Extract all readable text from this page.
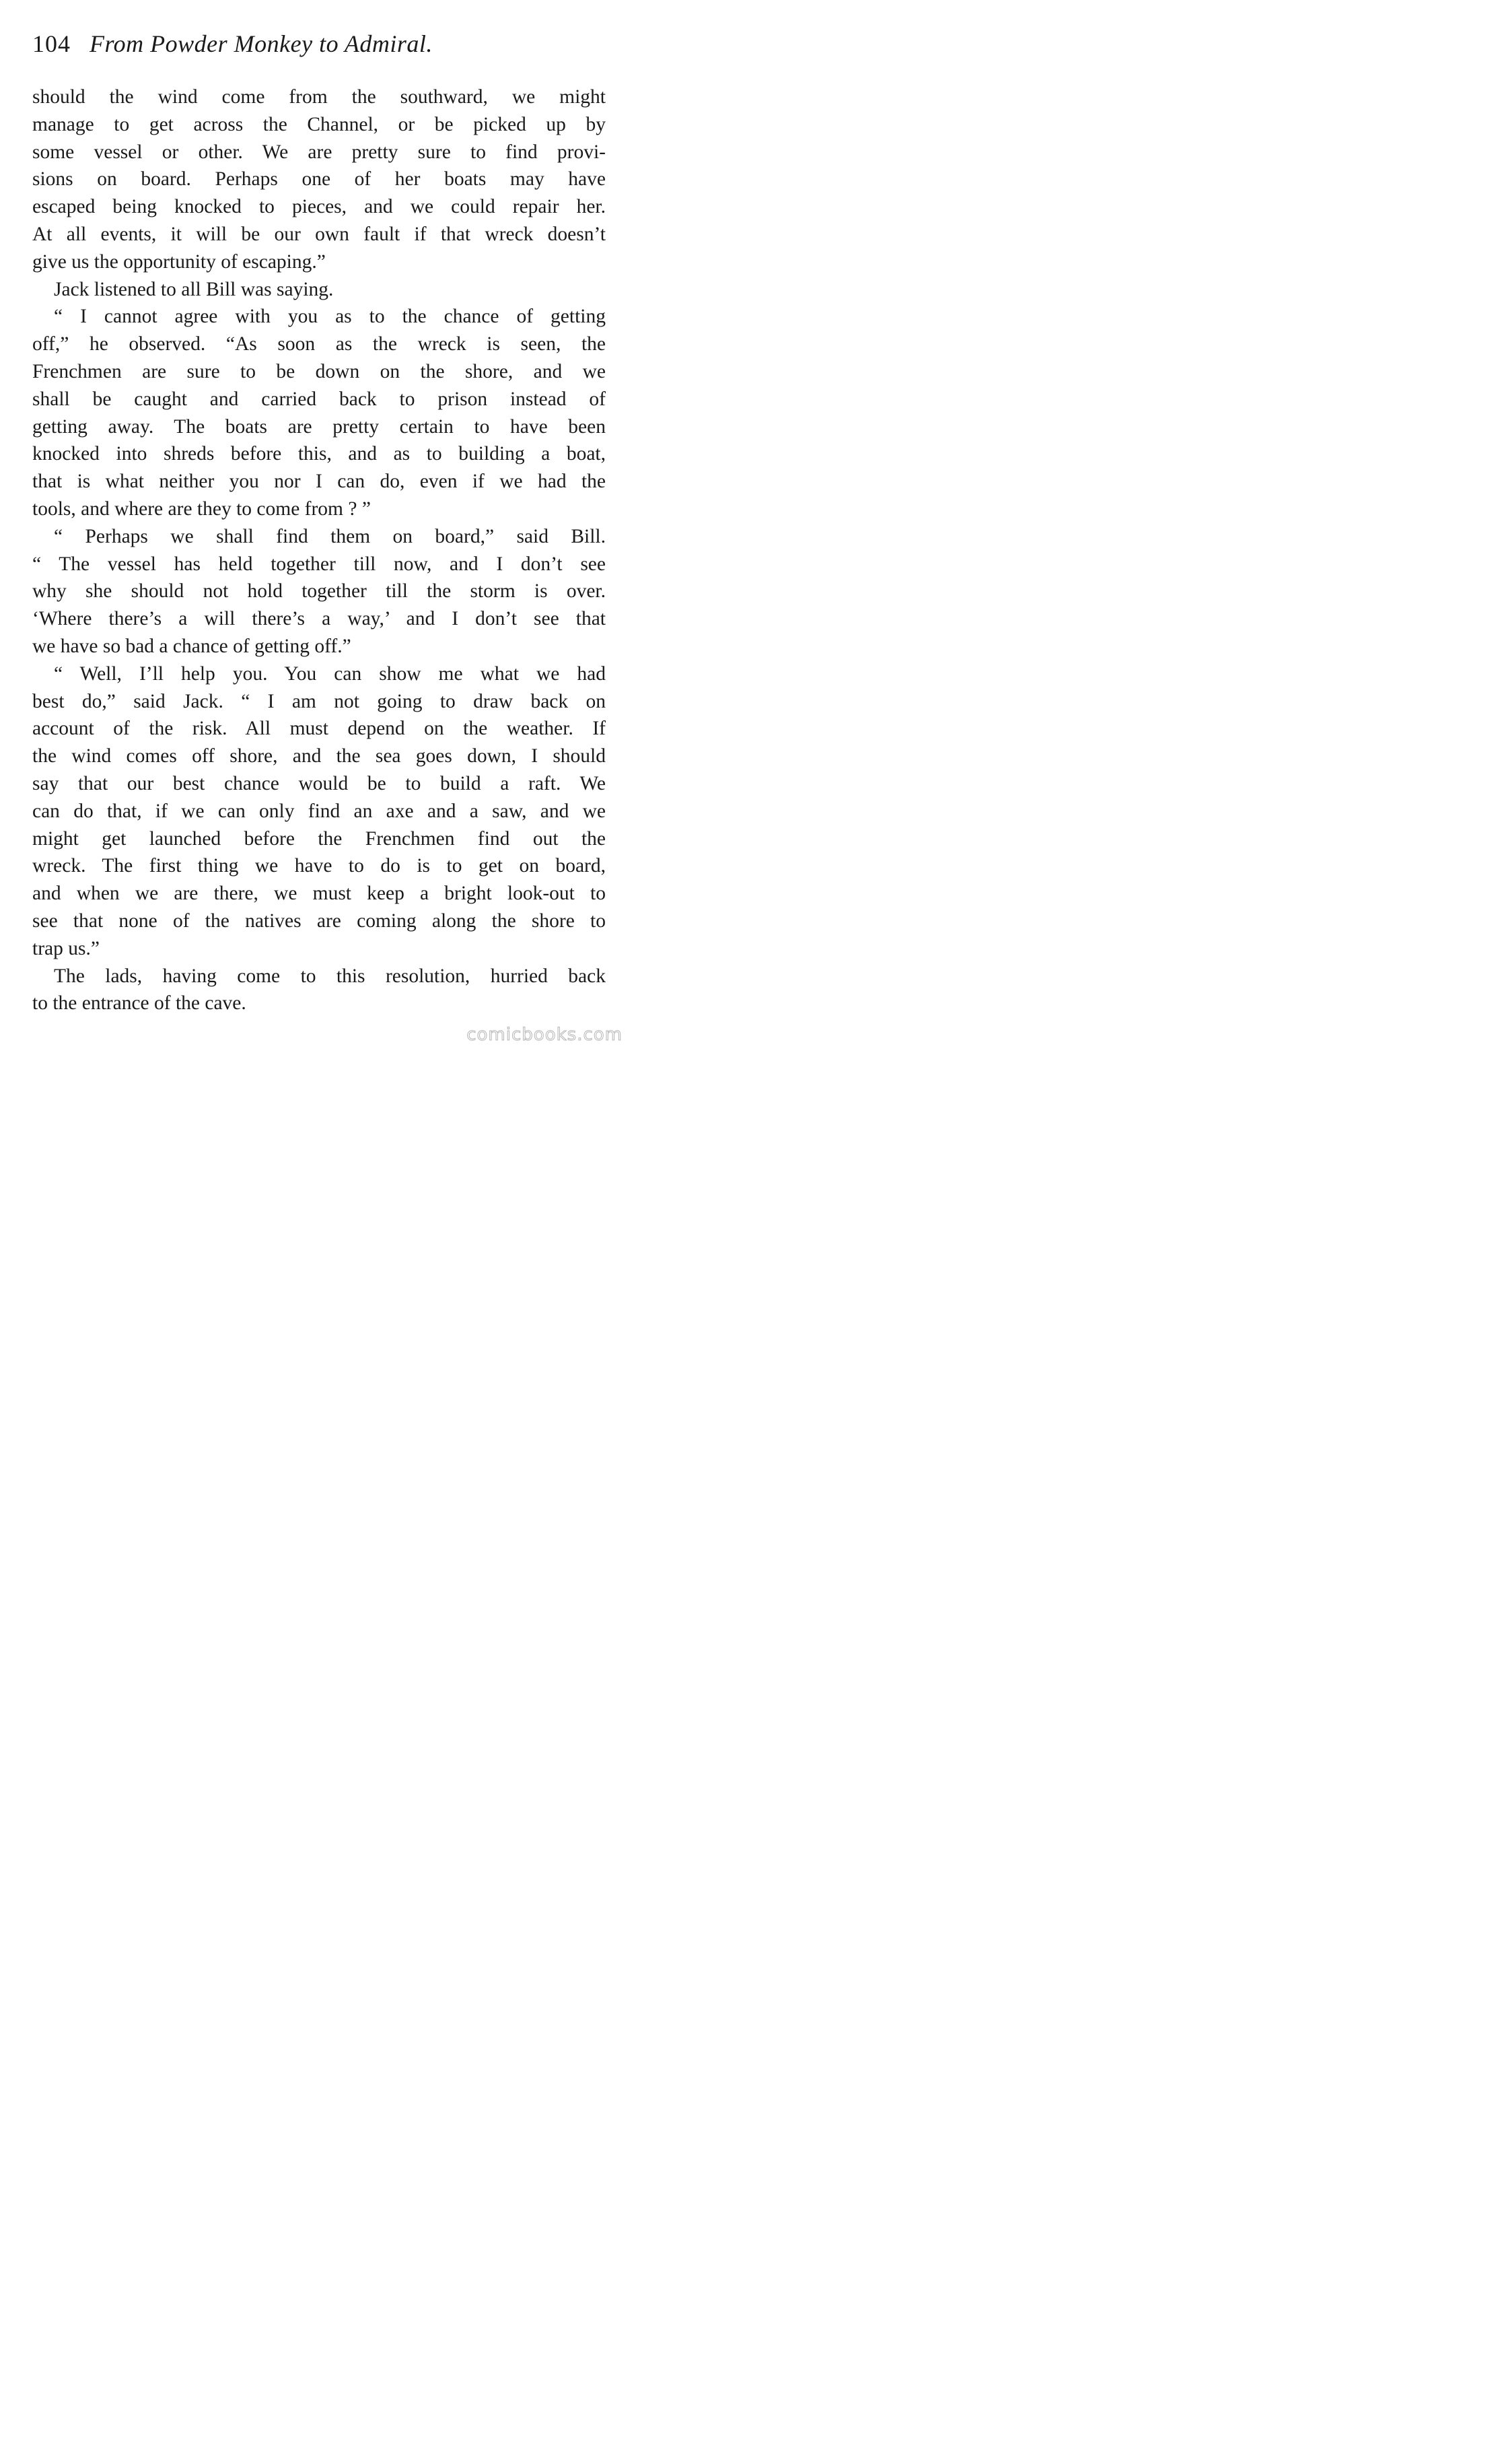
104 From Powder Monkey to Admiral.
should the wind come from the southward, we might
manage to get across the Channel, or be picked up by
some vessel or other. We are pretty sure to find provi-
sions on board. Perhaps one of her boats may have
escaped being knocked to pieces, and we could repair her.
At all events, it will be our own fault if that wreck doesn’t
give us the opportunity of escaping.”
Jack listened to all Bill was saying.
“ I cannot agree with you as to the chance of getting
off,” he observed. “As soon as the wreck is seen, the
Frenchmen are sure to be down on the shore, and we
shall be caught and carried back to prison instead of
getting away. The boats are pretty certain to have been
knocked into shreds before this, and as to building a boat,
that is what neither you nor I can do, even if we had the
tools, and where are they to come from ? ”
“ Perhaps we shall find them on board,” said Bill.
“ The vessel has held together till now, and I don’t see
why she should not hold together till the storm is over.
‘Where there’s a will there’s a way,’ and I don’t see that
we have so bad a chance of getting off.”
“ Well, I’ll help you. You can show me what we had
best do,” said Jack. “ I am not going to draw back on
account of the risk. All must depend on the weather. If
the wind comes off shore, and the sea goes down, I should
say that our best chance would be to build a raft. We
can do that, if we can only find an axe and a saw, and we
might get launched before the Frenchmen find out the
wreck. The first thing we have to do is to get on board,
and when we are there, we must keep a bright look-out to
see that none of the natives are coming along the shore to
trap us.”
The lads, having come to this resolution, hurried back
to the entrance of the cave.
comicbooks.com
